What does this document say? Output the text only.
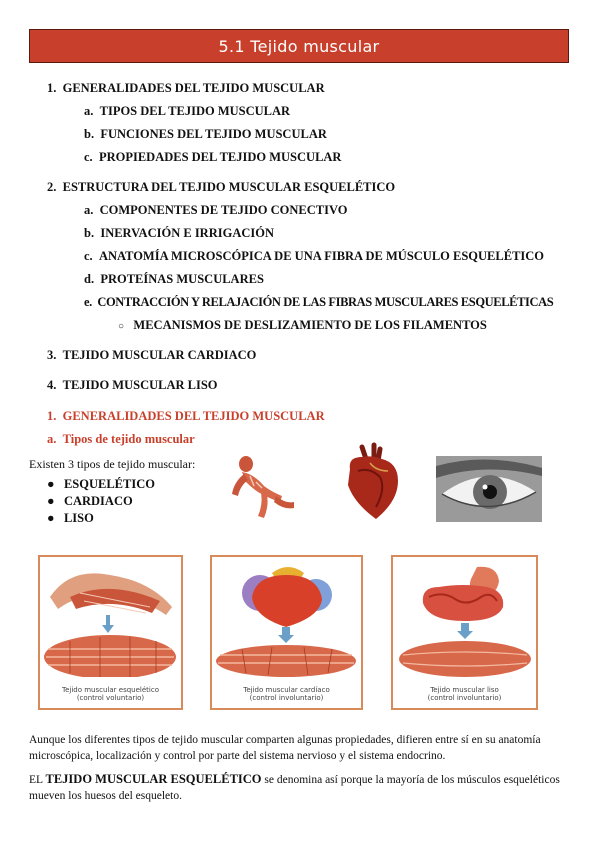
5.1 Tejido muscular
1. GENERALIDADES DEL TEJIDO MUSCULAR
a. TIPOS DEL TEJIDO MUSCULAR
b. FUNCIONES DEL TEJIDO MUSCULAR
c. PROPIEDADES DEL TEJIDO MUSCULAR
2. ESTRUCTURA DEL TEJIDO MUSCULAR ESQUELÉTICO
a. COMPONENTES DE TEJIDO CONECTIVO
b. INERVACIÓN E IRRIGACIÓN
c. ANATOMÍA MICROSCÓPICA DE UNA FIBRA DE MÚSCULO ESQUELÉTICO
d. PROTEÍNAS MUSCULARES
e. CONTRACCIÓN Y RELAJACIÓN DE LAS FIBRAS MUSCULARES ESQUELÉTICAS
○ MECANISMOS DE DESLIZAMIENTO DE LOS FILAMENTOS
3. TEJIDO MUSCULAR CARDIACO
4. TEJIDO MUSCULAR LISO
1. GENERALIDADES DEL TEJIDO MUSCULAR
a. Tipos de tejido muscular
Existen 3 tipos de tejido muscular:
●   ESQUELÉTICO
●   CARDIACO
●   LISO
Tejido muscular esquelético
(control voluntario)
Tejido muscular cardíaco
(control involuntario)
Tejido muscular liso
(control involuntario)
Aunque los diferentes tipos de tejido muscular comparten algunas propiedades, difieren entre sí en su anatomía microscópica, localización y control por parte del sistema nervioso y el sistema endocrino.
EL TEJIDO MUSCULAR ESQUELÉTICO se denomina así porque la mayoría de los músculos esqueléticos mueven los huesos del esqueleto.
